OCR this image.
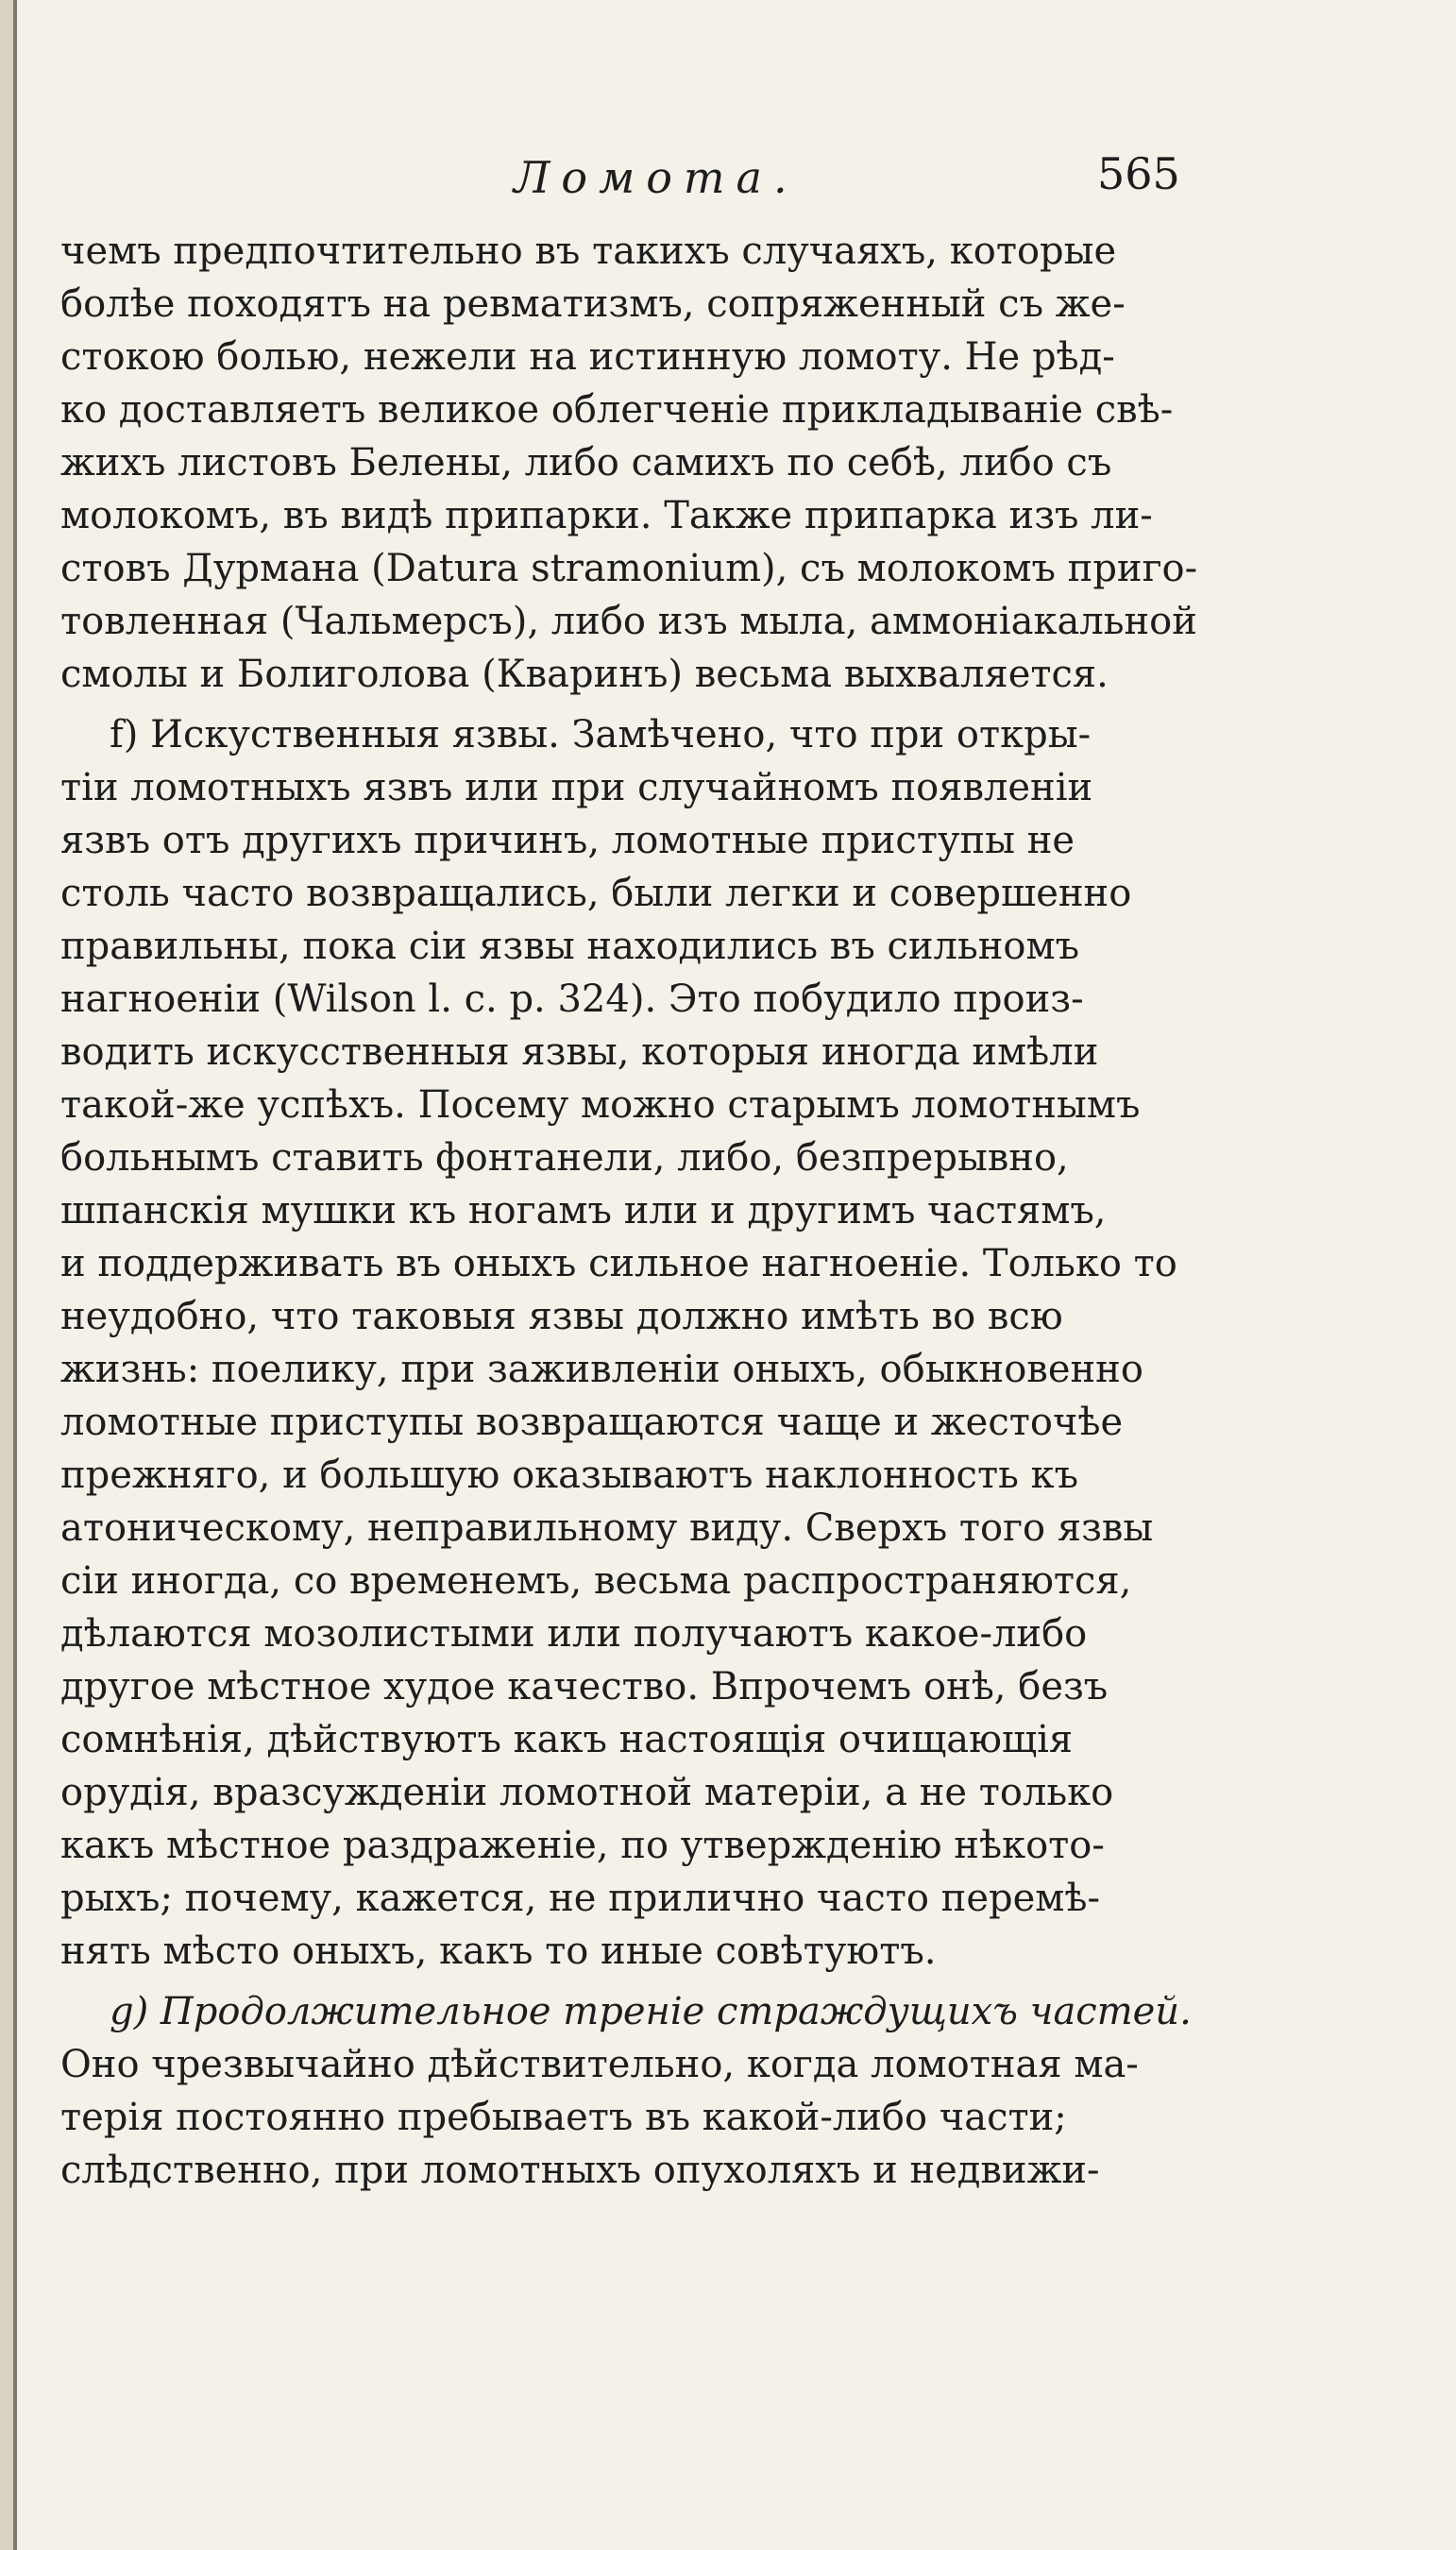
Ломота.	565
чемъ предпочтительно въ такихъ случаяхъ, которые
болѣе походятъ на ревматизмъ, сопряженный съ же-
стокою болью, нежели на истинную ломоту. Не рѣд-
ко доставляетъ великое облегченіе прикладываніе свѣ-
жихъ листовъ Белены, либо самихъ по себѣ, либо съ
молокомъ, въ видѣ припарки. Также припарка изъ ли-
стовъ Дурмана (Datura stramonium), съ молокомъ приго-
товленная (Чальмерсъ), либо изъ мыла, аммоніакальной
смолы и Болиголова (Кваринъ) весьма выхваляется.
f) Искуственныя язвы. Замѣчено, что при откры-
тіи ломотныхъ язвъ или при случайномъ появленіи
язвъ отъ другихъ причинъ, ломотные приступы не
столь часто возвращались, были легки и совершенно
правильны, пока сіи язвы находились въ сильномъ
нагноеніи (Wilson l. c. p. 324). Это побудило произ-
водить искусственныя язвы, которыя иногда имѣли
такой-же успѣхъ. Посему можно старымъ ломотнымъ
больнымъ ставить фонтанели, либо, безпрерывно,
шпанскія мушки къ ногамъ или и другимъ частямъ,
и поддерживать въ оныхъ сильное нагноеніе. Только то
неудобно, что таковыя язвы должно имѣть во всю
жизнь: поелику, при заживленіи оныхъ, обыкновенно
ломотные приступы возвращаются чаще и жесточѣе
прежняго, и большую оказываютъ наклонность къ
атоническому, неправильному виду. Сверхъ того язвы
сіи иногда, со временемъ, весьма распространяются,
дѣлаются мозолистыми или получаютъ какое-либо
другое мѣстное худое качество. Впрочемъ онѣ, безъ
сомнѣнія, дѣйствуютъ какъ настоящія очищающія
орудія, вразсужденіи ломотной матеріи, а не только
какъ мѣстное раздраженіе, по утвержденію нѣкото-
рыхъ; почему, кажется, не прилично часто перемѣ-
нять мѣсто оныхъ, какъ то иные совѣтуютъ.
g) Продолжительное треніе страждущихъ частей.
Оно чрезвычайно дѣйствительно, когда ломотная ма-
терія постоянно пребываетъ въ какой-либо части;
слѣдственно, при ломотныхъ опухоляхъ и недвижи-
